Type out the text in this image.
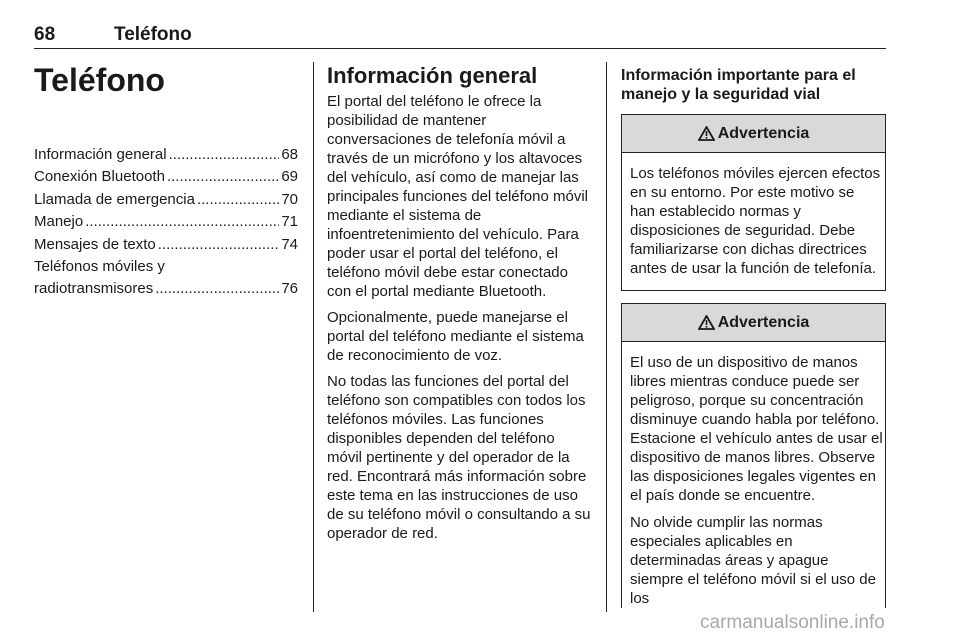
68	Teléfono
Teléfono
Información general .....	68
Conexión Bluetooth .....	69
Llamada de emergencia .....	70
Manejo .....	71
Mensajes de texto .....	74
Teléfonos móviles y
radiotransmisores .....	76
Información general

El portal del teléfono le ofrece la posibilidad de mantener conversaciones de telefonía móvil a través de un micrófono y los altavoces del vehículo, así como de manejar las principales funciones del teléfono móvil mediante el sistema de infoentretenimiento del vehículo. Para poder usar el portal del teléfono, el teléfono móvil debe estar conectado con el portal mediante Bluetooth.

Opcionalmente, puede manejarse el portal del teléfono mediante el sistema de reconocimiento de voz.

No todas las funciones del portal del teléfono son compatibles con todos los teléfonos móviles. Las funciones disponibles dependen del teléfono móvil pertinente y del operador de la red. Encontrará más información sobre este tema en las instrucciones de uso de su teléfono móvil o consultando a su operador de red.

Información importante para el manejo y la seguridad vial
Advertencia

Los teléfonos móviles ejercen efectos en su entorno. Por este motivo se han establecido normas y disposiciones de seguridad. Debe familiarizarse con dichas directrices antes de usar la función de telefonía.

Advertencia

El uso de un dispositivo de manos libres mientras conduce puede ser peligroso, porque su concentración disminuye cuando habla por teléfono. Estacione el vehículo antes de usar el dispositivo de manos libres. Observe las disposiciones legales vigentes en el país donde se encuentre.

No olvide cumplir las normas especiales aplicables en determinadas áreas y apague siempre el teléfono móvil si el uso de los

carmanualsonline.info
